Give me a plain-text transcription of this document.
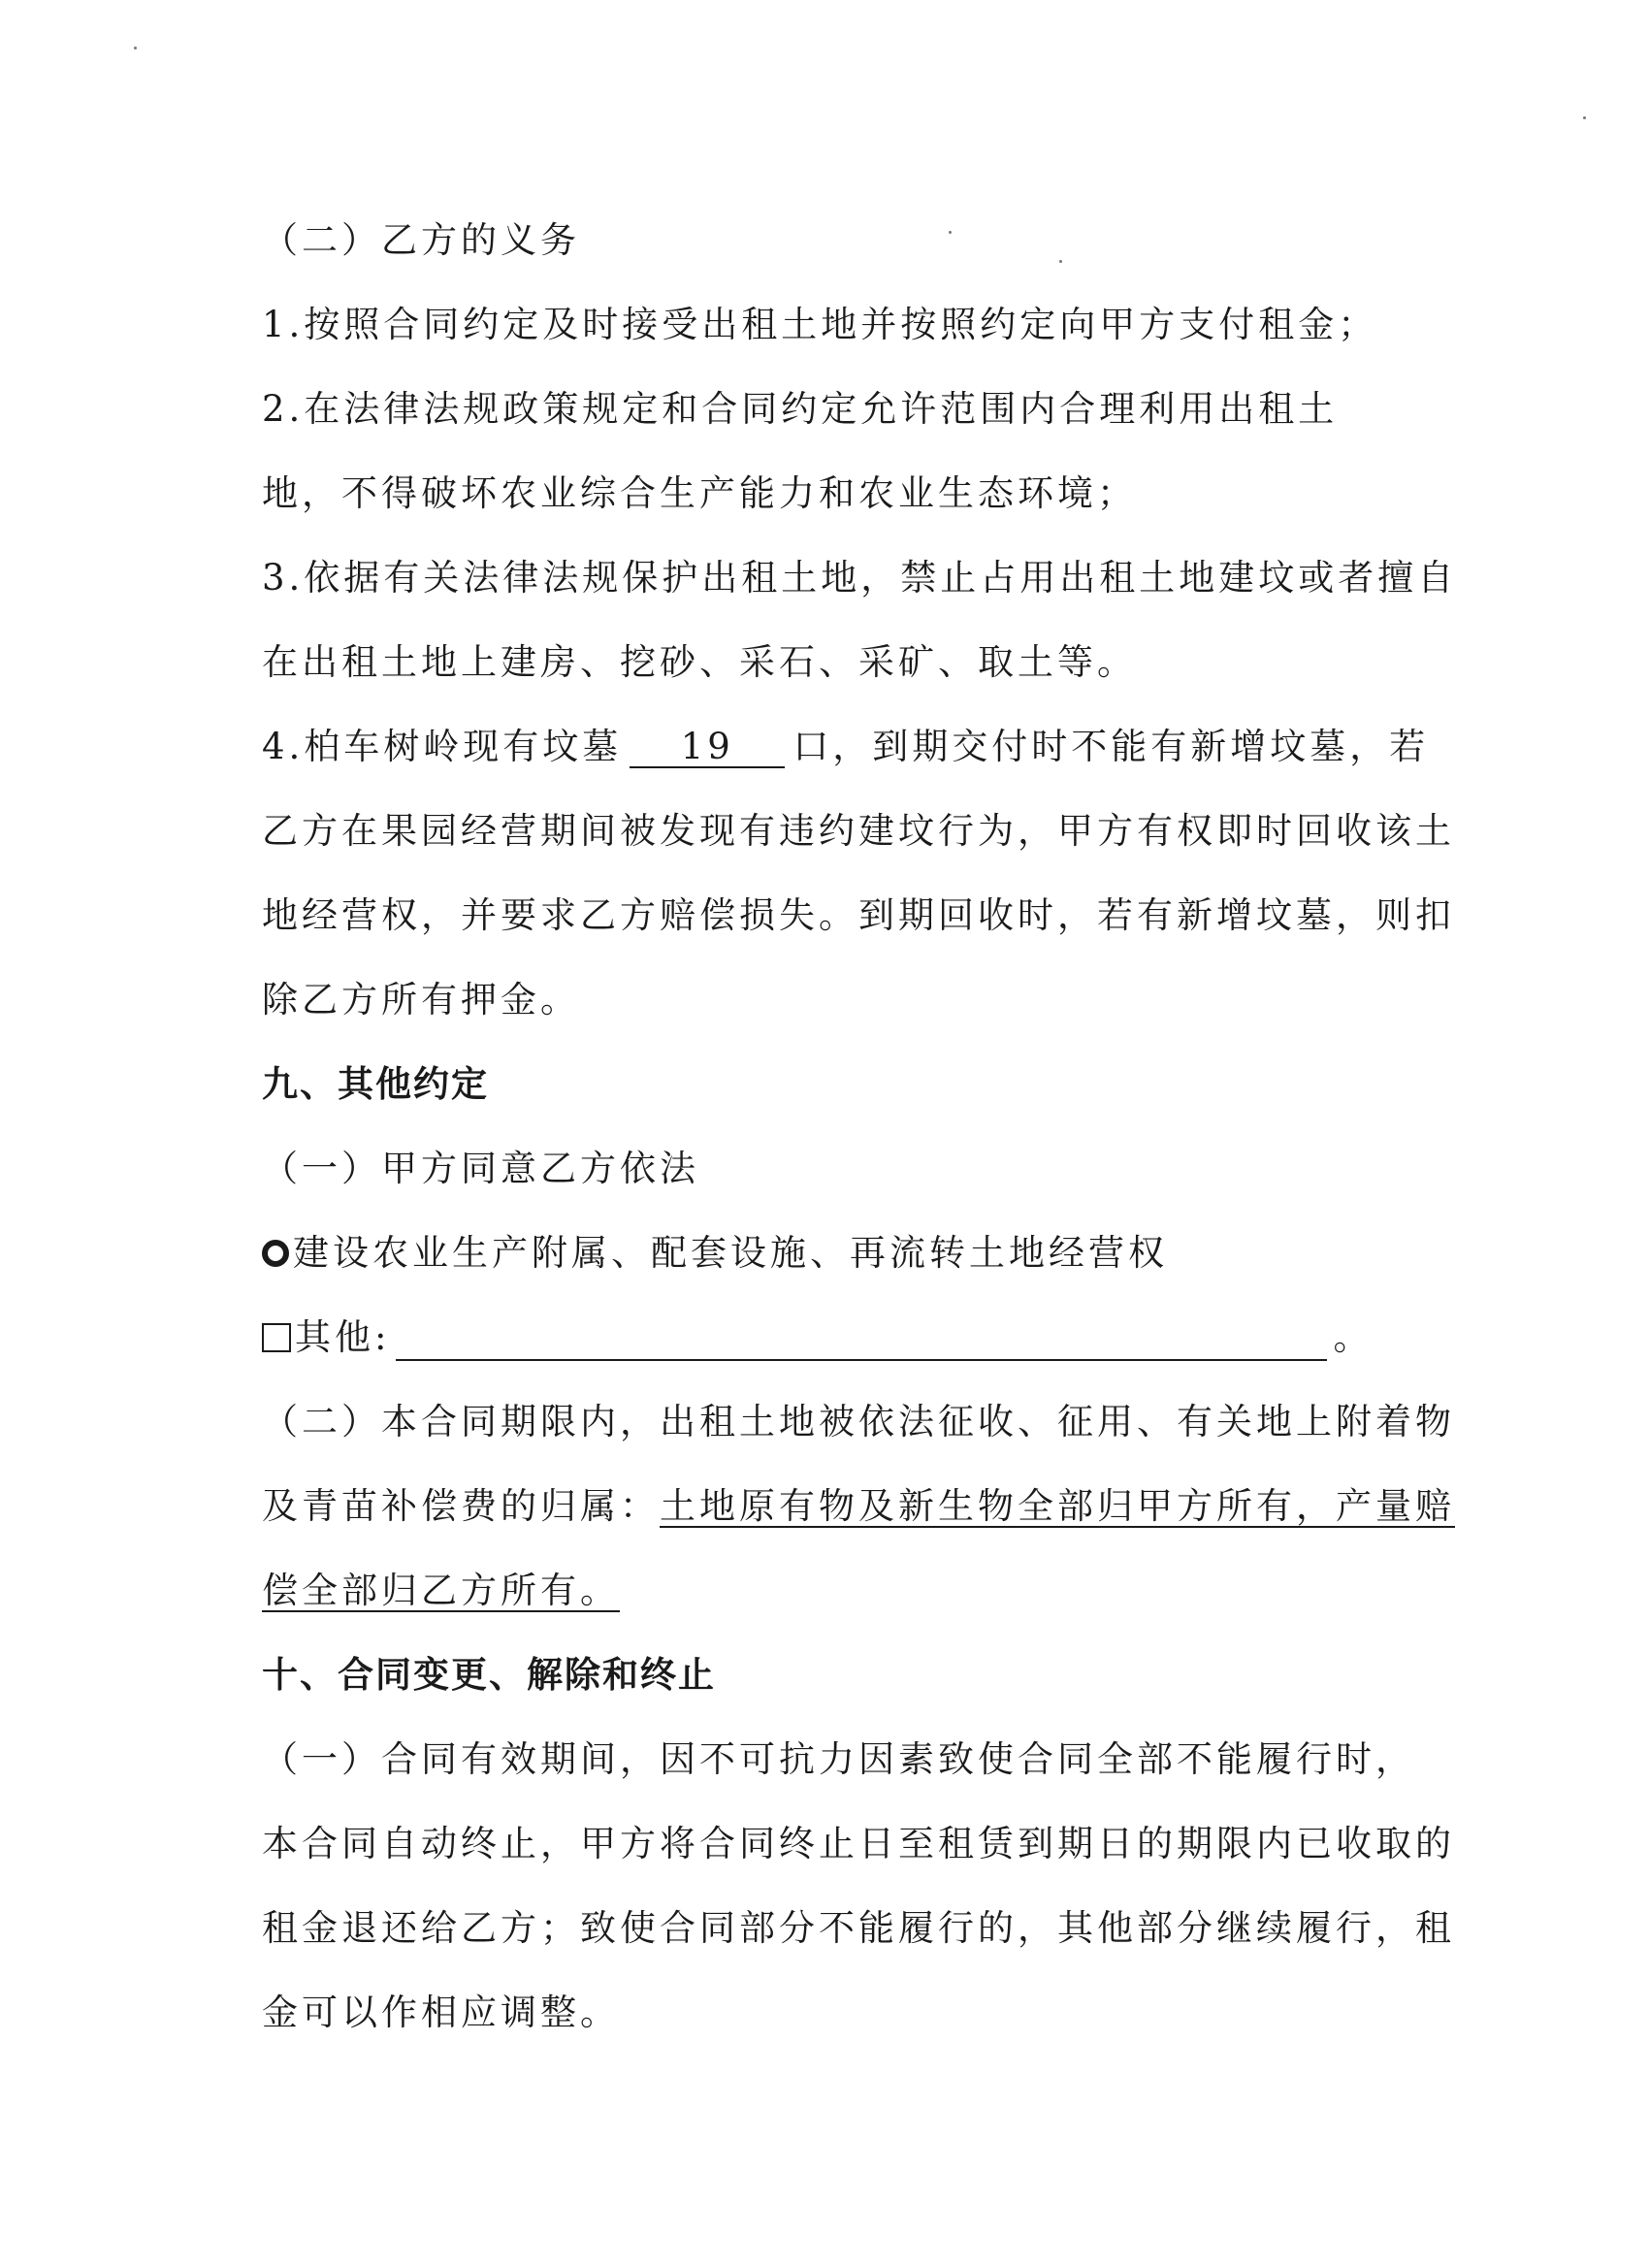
（二）乙方的义务
1.按照合同约定及时接受出租土地并按照约定向甲方支付租金；
2.在法律法规政策规定和合同约定允许范围内合理利用出租土
地，不得破坏农业综合生产能力和农业生态环境；
3.依据有关法律法规保护出租土地，禁止占用出租土地建坟或者擅自
在出租土地上建房、挖砂、采石、采矿、取土等。
4.柏车树岭现有坟墓 19 口，到期交付时不能有新增坟墓，若
乙方在果园经营期间被发现有违约建坟行为，甲方有权即时回收该土
地经营权，并要求乙方赔偿损失。到期回收时，若有新增坟墓，则扣
除乙方所有押金。
九、其他约定
（一）甲方同意乙方依法
建设农业生产附属、配套设施、再流转土地经营权
其他:	。
（二）本合同期限内，出租土地被依法征收、征用、有关地上附着物
及青苗补偿费的归属：土地原有物及新生物全部归甲方所有，产量赔
偿全部归乙方所有。
十、合同变更、解除和终止
（一）合同有效期间，因不可抗力因素致使合同全部不能履行时，
本合同自动终止，甲方将合同终止日至租赁到期日的期限内已收取的
租金退还给乙方；致使合同部分不能履行的，其他部分继续履行，租
金可以作相应调整。
